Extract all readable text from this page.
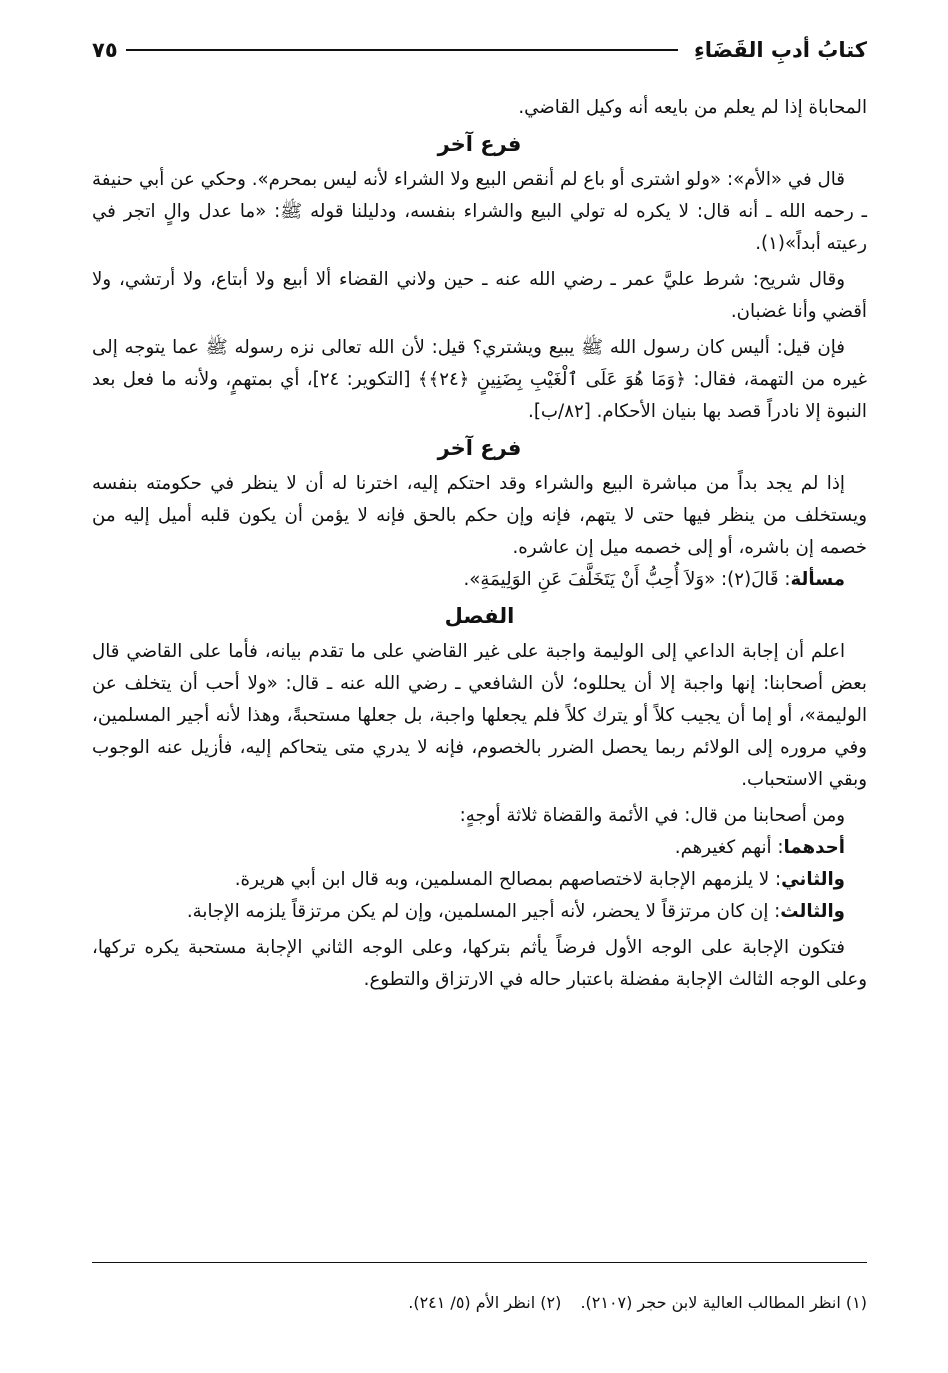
كتابُ أدبِ القَضَاءِ
٧٥

المحاباة إذا لم يعلم من بايعه أنه وكيل القاضي.

فرع آخر

قال في «الأم»: «ولو اشترى أو باع لم أنقص البيع ولا الشراء لأنه ليس بمحرم». وحكي عن أبي حنيفة ـ رحمه الله ـ أنه قال: لا يكره له تولي البيع والشراء بنفسه، ودليلنا قوله ﷺ: «ما عدل والٍ اتجر في رعيته أبداً»(١).

وقال شريح: شرط عليَّ عمر ـ رضي الله عنه ـ حين ولاني القضاء ألا أبيع ولا أبتاع، ولا أرتشي، ولا أقضي وأنا غضبان.

فإن قيل: أليس كان رسول الله ﷺ يبيع ويشتري؟ قيل: لأن الله تعالى نزه رسوله ﷺ عما يتوجه إلى غيره من التهمة، فقال: ﴿وَمَا هُوَ عَلَى ٱلْغَيْبِ بِضَنِينٍ ﴿٢٤﴾﴾ [التكوير: ٢٤]، أي بمتهمٍ، ولأنه ما فعل بعد النبوة إلا نادراً قصد بها بنيان الأحكام. [٨٢/ب].

فرع آخر

إذا لم يجد بداً من مباشرة البيع والشراء وقد احتكم إليه، اخترنا له أن لا ينظر في حكومته بنفسه ويستخلف من ينظر فيها حتى لا يتهم، فإنه وإن حكم بالحق فإنه لا يؤمن أن يكون قلبه أميل إليه من خصمه إن باشره، أو إلى خصمه ميل إن عاشره.

مسألة: قَالَ(٢): «وَلاَ أُحِبُّ أَنْ يَتَخَلَّفَ عَنِ الوَلِيمَةِ».

الفصل

اعلم أن إجابة الداعي إلى الوليمة واجبة على غير القاضي على ما تقدم بيانه، فأما على القاضي قال بعض أصحابنا: إنها واجبة إلا أن يحللوه؛ لأن الشافعي ـ رضي الله عنه ـ قال: «ولا أحب أن يتخلف عن الوليمة»، أو إما أن يجيب كلاً أو يترك كلاً فلم يجعلها واجبة، بل جعلها مستحبةً، وهذا لأنه أجير المسلمين، وفي مروره إلى الولائم ربما يحصل الضرر بالخصوم، فإنه لا يدري متى يتحاكم إليه، فأزيل عنه الوجوب وبقي الاستحباب.

ومن أصحابنا من قال: في الأئمة والقضاة ثلاثة أوجهٍ:

أحدهما: أنهم كغيرهم.

والثاني: لا يلزمهم الإجابة لاختصاصهم بمصالح المسلمين، وبه قال ابن أبي هريرة.

والثالث: إن كان مرتزقاً لا يحضر، لأنه أجير المسلمين، وإن لم يكن مرتزقاً يلزمه الإجابة.

فتكون الإجابة على الوجه الأول فرضاً يأثم بتركها، وعلى الوجه الثاني الإجابة مستحبة يكره تركها، وعلى الوجه الثالث الإجابة مفضلة باعتبار حاله في الارتزاق والتطوع.

(١) انظر المطالب العالية لابن حجر (٢١٠٧). (٢) انظر الأم (٥/ ٢٤١).
